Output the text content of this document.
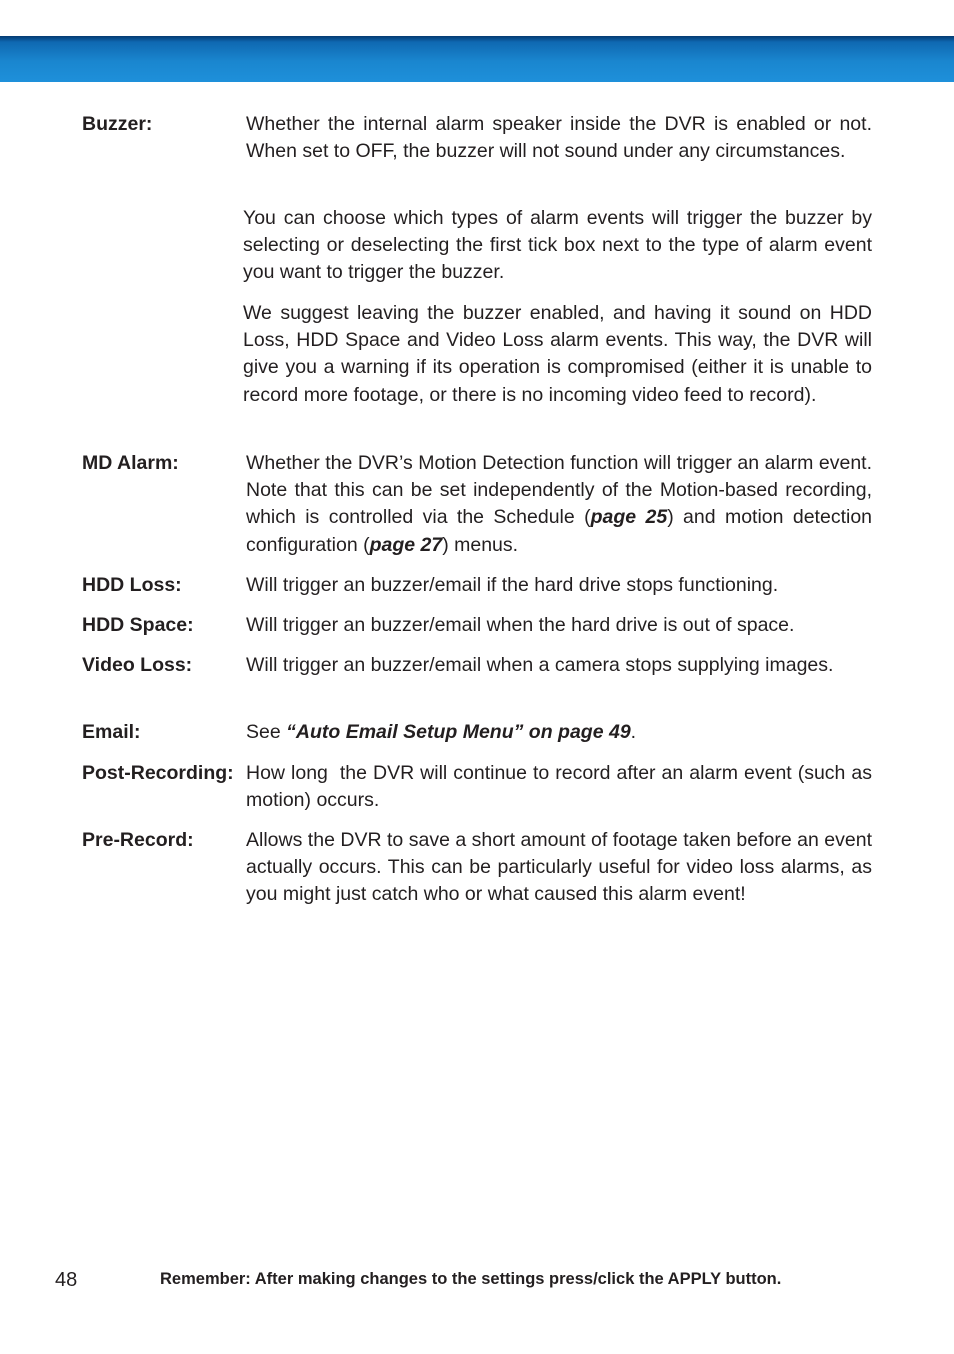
Buzzer:	Whether the internal alarm speaker inside the DVR is enabled or not. When set to OFF, the buzzer will not sound under any circumstances.

You can choose which types of alarm events will trigger the buzzer by selecting or deselecting the first tick box next to the type of alarm event you want to trigger the buzzer.

We suggest leaving the buzzer enabled, and having it sound on HDD Loss, HDD Space and Video Loss alarm events. This way, the DVR will give you a warning if its operation is compromised (either it is unable to record more footage, or there is no incoming video feed to record).

MD Alarm:	Whether the DVR’s Motion Detection function will trigger an alarm event. Note that this can be set independently of the Motion-based recording, which is controlled via the Schedule (page 25) and motion detection configuration (page 27) menus.

HDD Loss:	Will trigger an buzzer/email if the hard drive stops functioning.

HDD Space:	Will trigger an buzzer/email when the hard drive is out of space.

Video Loss:	Will trigger an buzzer/email when a camera stops supplying images.

Email:	See “Auto Email Setup Menu” on page 49.

Post-Recording: How long  the DVR will continue to record after an alarm event (such as motion) occurs.

Pre-Record:	Allows the DVR to save a short amount of footage taken before an event actually occurs. This can be particularly useful for video loss alarms, as you might just catch who or what caused this alarm event!

48	Remember: After making changes to the settings press/click the APPLY button.
